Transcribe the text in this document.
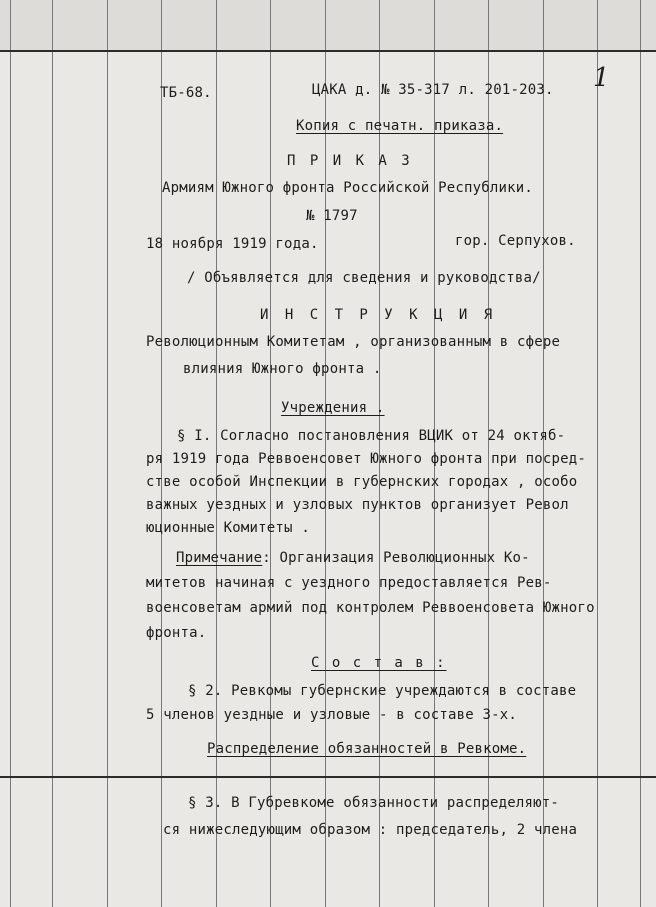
1
ТБ-68.	ЦАКА д. № 35-317 л. 201-203.
Копия с печатн. приказа.
П Р И К А З
Армиям Южного фронта Российской Республики.
№ 1797
18 ноября 1919 года.	гор. Серпухов.
/ Объявляется для сведения и руководства/
И Н С Т Р У К Ц И Я
Революционным Комитетам , организованным в сфере
влияния Южного фронта .
Учреждения .
§ I. Согласно постановления ВЦИК от 24 октяб-
ря 1919 года Реввоенсовет Южного фронта при посред-
стве особой Инспекции в губернских городах , особо
важных уездных и узловых пунктов организует Револ
юционные Комитеты .
Примечание: Организация Революционных Ко-
митетов начиная с уездного предоставляется Рев-
военсоветам армий под контролем Реввоенсовета Южного
фронта.
С о с т а в :
§ 2. Ревкомы губернские учреждаются в составе
5 членов уездные и узловые - в составе 3-х.
Распределение обязанностей в Ревкоме.
§ 3. В Губревкоме обязанности распределяют-
ся нижеследующим образом : председатель, 2 члена
